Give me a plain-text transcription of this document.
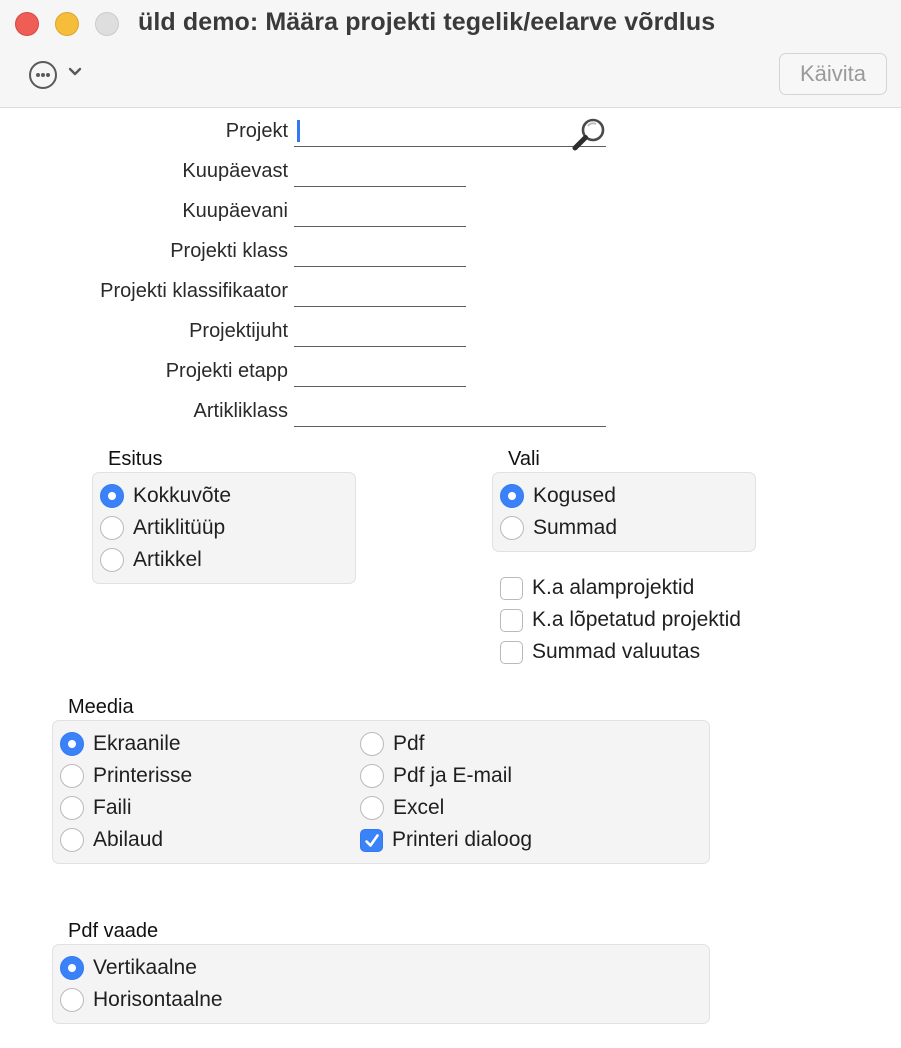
üld demo: Määra projekti tegelik/eelarve võrdlus
Käivita
Projekt
Kuupäevast
Kuupäevani
Projekti klass
Projekti klassifikaator
Projektijuht
Projekti etapp
Artikliklass
Esitus
Kokkuvõte
Artiklitüüp
Artikkel
Vali
Kogused
Summad
K.a alamprojektid
K.a lõpetatud projektid
Summad valuutas
Meedia
Ekraanile
Printerisse
Faili
Abilaud
Pdf
Pdf ja E-mail
Excel
Printeri dialoog
Pdf vaade
Vertikaalne
Horisontaalne
